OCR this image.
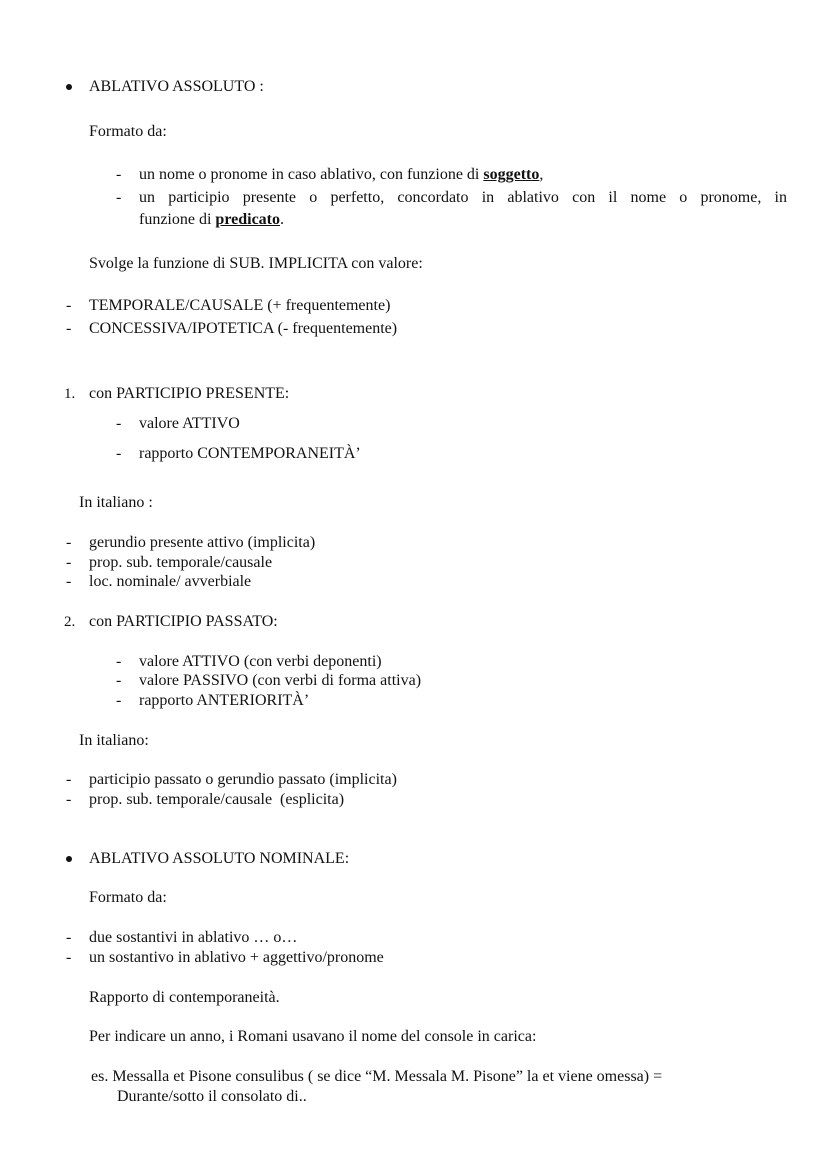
ABLATIVO ASSOLUTO :
Formato da:
- un nome o pronome in caso ablativo, con funzione di soggetto,
- un participio presente o perfetto, concordato in ablativo con il nome o pronome, in
funzione di predicato.
Svolge la funzione di SUB. IMPLICITA con valore:
- TEMPORALE/CAUSALE (+ frequentemente)
- CONCESSIVA/IPOTETICA (- frequentemente)
1. con PARTICIPIO PRESENTE:
- valore ATTIVO
- rapporto CONTEMPORANEITÀ’
In italiano :
- gerundio presente attivo (implicita)
- prop. sub. temporale/causale
- loc. nominale/ avverbiale
2. con PARTICIPIO PASSATO:
- valore ATTIVO (con verbi deponenti)
- valore PASSIVO (con verbi di forma attiva)
- rapporto ANTERIORITÀ’
In italiano:
- participio passato o gerundio passato (implicita)
- prop. sub. temporale/causale  (esplicita)
ABLATIVO ASSOLUTO NOMINALE:
Formato da:
- due sostantivi in ablativo … o…
- un sostantivo in ablativo + aggettivo/pronome
Rapporto di contemporaneità.
Per indicare un anno, i Romani usavano il nome del console in carica:
es. Messalla et Pisone consulibus ( se dice “M. Messala M. Pisone” la et viene omessa) =
Durante/sotto il consolato di..
